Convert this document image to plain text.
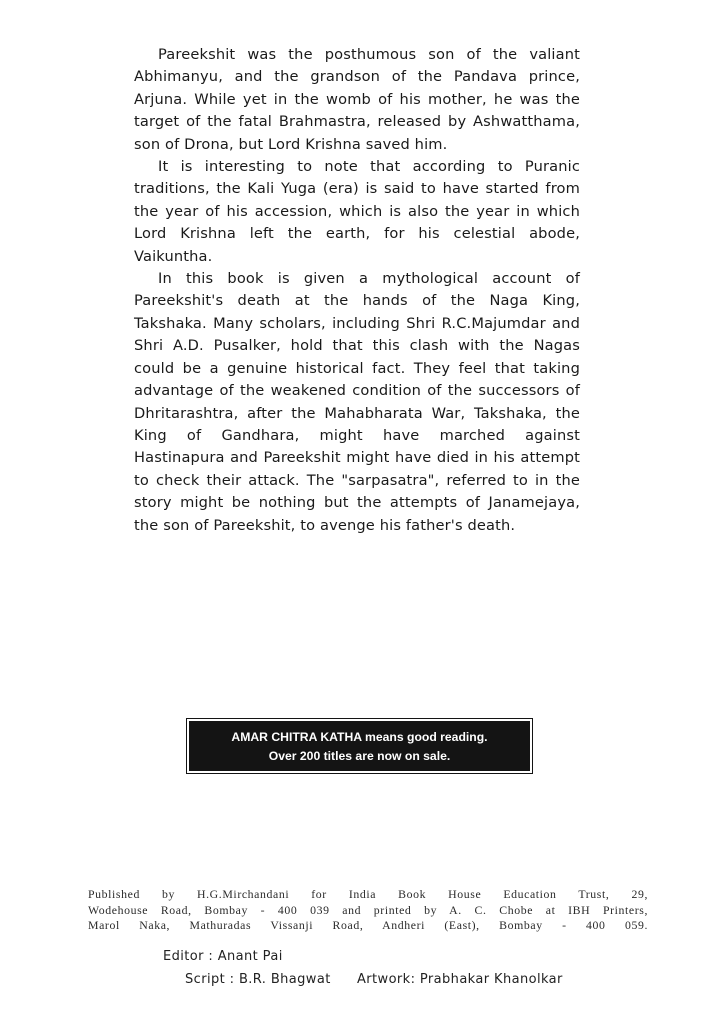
Pareekshit was the posthumous son of the valiant Abhimanyu, and the grandson of the Pandava prince, Arjuna. While yet in the womb of his mother, he was the target of the fatal Brahmastra, released by Ashwatthama, son of Drona, but Lord Krishna saved him.

It is interesting to note that according to Puranic traditions, the Kali Yuga (era) is said to have started from the year of his accession, which is also the year in which Lord Krishna left the earth, for his celestial abode, Vaikuntha.

In this book is given a mythological account of Pareekshit's death at the hands of the Naga King, Takshaka. Many scholars, including Shri R.C.Majumdar and Shri A.D. Pusalker, hold that this clash with the Nagas could be a genuine historical fact. They feel that taking advantage of the weakened condition of the successors of Dhritarashtra, after the Mahabharata War, Takshaka, the King of Gandhara, might have marched against Hastinapura and Pareekshit might have died in his attempt to check their attack. The "sarpasatra", referred to in the story might be nothing but the attempts of Janamejaya, the son of Pareekshit, to avenge his father's death.

AMAR CHITRA KATHA means good reading.
Over 200 titles are now on sale.
Published by H.G.Mirchandani for India Book House Education Trust, 29,
Wodehouse Road, Bombay - 400 039 and printed by A. C. Chobe at IBH Printers,
Marol Naka, Mathuradas Vissanji Road, Andheri (East), Bombay - 400 059.
Editor : Anant Pai
Script : B.R. Bhagwat Artwork: Prabhakar Khanolkar
